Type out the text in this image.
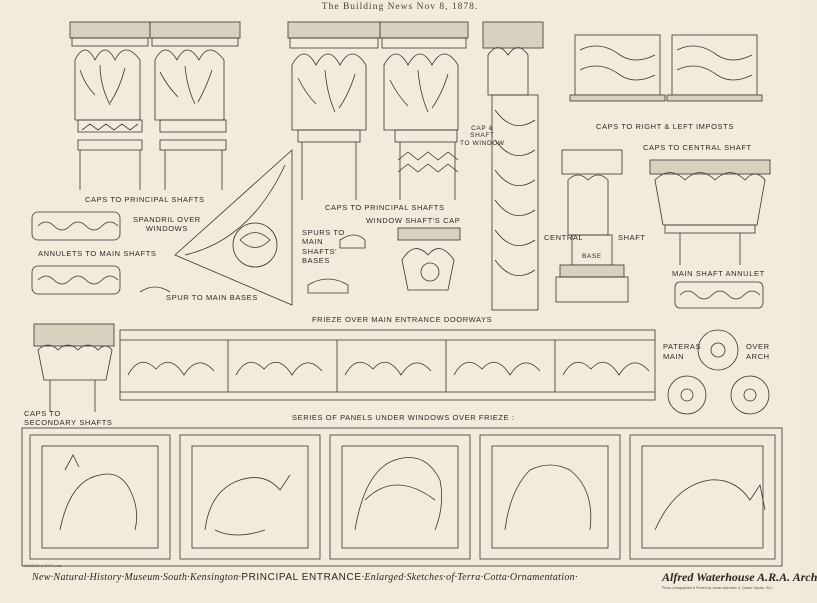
The Building News Nov 8, 1878.
CAPS TO PRINCIPAL SHAFTS
SPANDRIL OVER
WINDOWS
ANNULETS TO MAIN SHAFTS
SPUR TO MAIN BASES
CAPS TO PRINCIPAL SHAFTS
SPURS TO
MAIN
SHAFTS'
BASES
WINDOW SHAFT'S CAP
CAP &
SHAFT
TO WINDOW
CENTRAL	SHAFT
BASE
CAPS TO RIGHT & LEFT IMPOSTS
CAPS TO CENTRAL SHAFT
MAIN SHAFT ANNULET
FRIEZE OVER MAIN ENTRANCE DOORWAYS
PATERAS
MAIN
OVER
ARCH
CAPS TO
SECONDARY SHAFTS
SERIES OF PANELS UNDER WINDOWS OVER FRIEZE :
MAUDUS & KEITH, del.
New·Natural·History·Museum·South·Kensington·PRINCIPAL ENTRANCE·Enlarged·Sketches·of·Terra·Cotta·Ornamentation·	Alfred Waterhouse A.R.A. Arch
Photo-Lithographed & Printed by James Akerman, 6, Queen Square, W.C.
